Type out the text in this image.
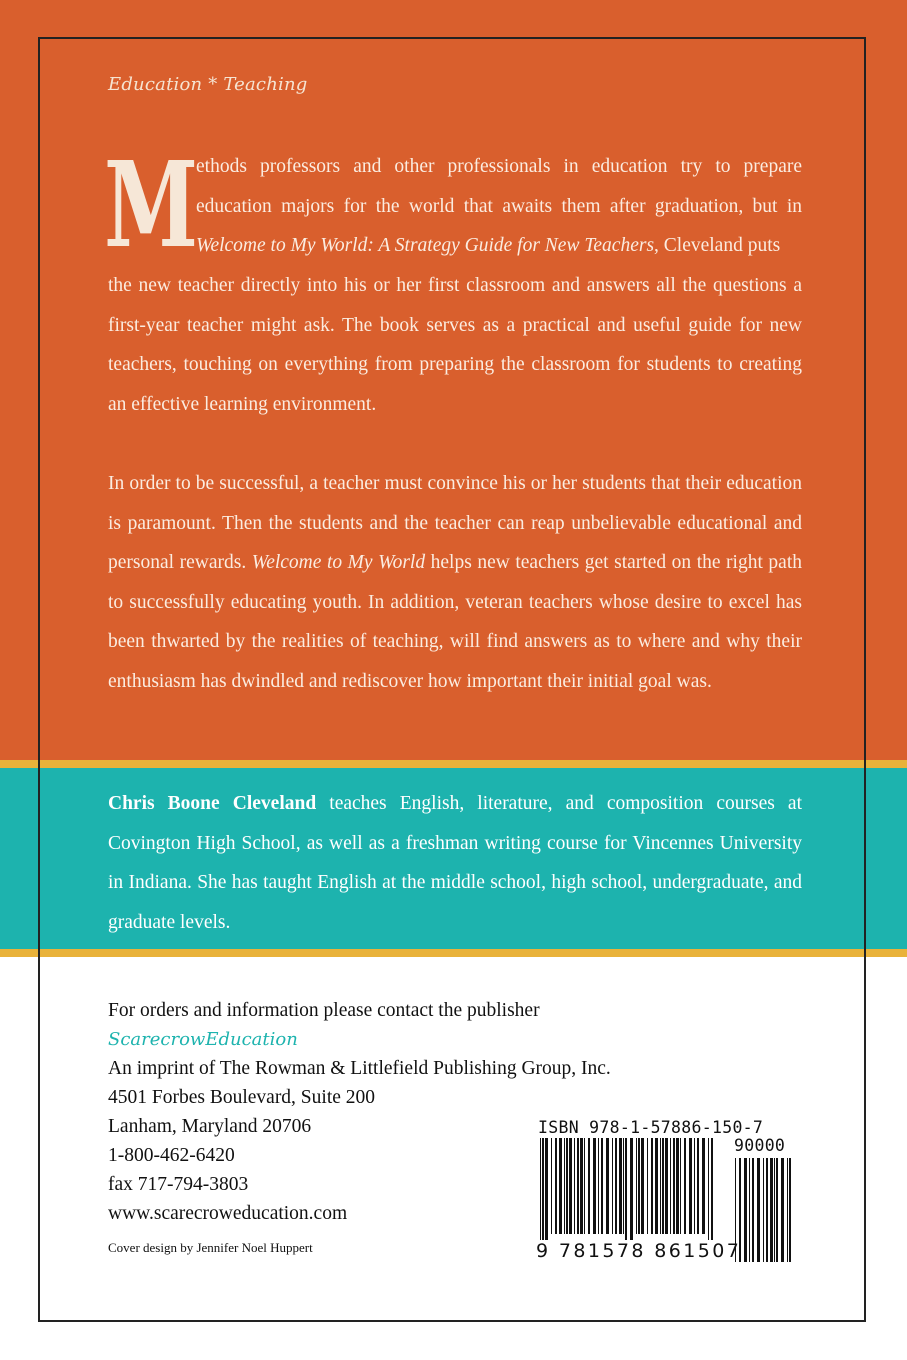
Education * Teaching
M
ethods professors and other professionals in education try to prepare education majors for the world that awaits them after graduation, but in Welcome to My World: A Strategy Guide for New Teachers, Cleveland puts
the new teacher directly into his or her first classroom and answers all the questions a first-year teacher might ask. The book serves as a practical and useful guide for new teachers, touching on everything from preparing the classroom for students to creating an effective learning environment.
In order to be successful, a teacher must convince his or her students that their education is paramount. Then the students and the teacher can reap unbelievable educational and personal rewards. Welcome to My World helps new teachers get started on the right path to successfully educating youth. In addition, veteran teachers whose desire to excel has been thwarted by the realities of teaching, will find answers as to where and why their enthusiasm has dwindled and rediscover how important their initial goal was.
Chris Boone Cleveland teaches English, literature, and composition courses at Covington High School, as well as a freshman writing course for Vincennes University in Indiana. She has taught English at the middle school, high school, undergraduate, and graduate levels.
For orders and information please contact the publisher
ScarecrowEducation
An imprint of The Rowman & Littlefield Publishing Group, Inc.
4501 Forbes Boulevard, Suite 200
Lanham, Maryland 20706
1-800-462-6420
fax 717-794-3803
www.scarecroweducation.com
Cover design by Jennifer Noel Huppert
ISBN 978-1-57886-150-7
90000
9 781578 861507
